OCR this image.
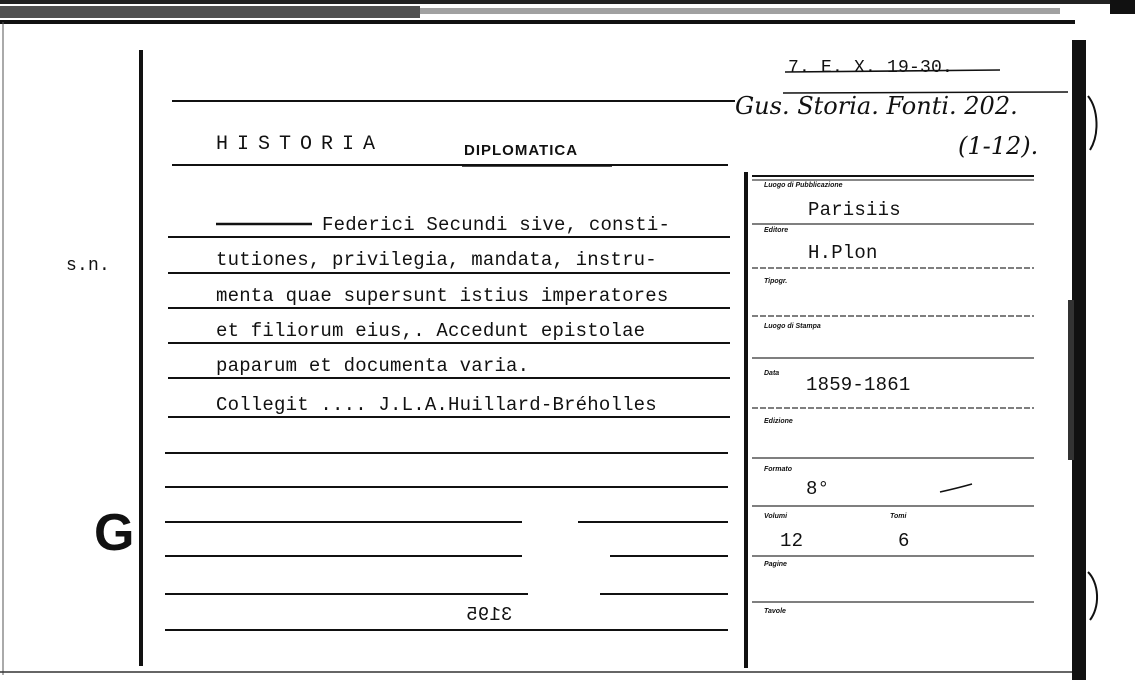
s.n.
G
7. E. X. 19-30.
Gus. Storia. Fonti. 202.
(1-12).
HISTORIA	DIPLOMATICA
Federici Secundi sive, consti-
tutiones, privilegia, mandata, instru-
menta quae supersunt istius imperatores
et filiorum eius,. Accedunt epistolae
paparum et documenta varia.
Collegit .... J.L.A.Huillard-Bréholles
3195
Luogo di Pubblicazione
Parisiis
Editore
H.Plon
Tipogr.
Luogo di Stampa
Data
1859-1861
Edizione
Formato
8°
Volumi
12
Tomi
6
Pagine
Tavole
